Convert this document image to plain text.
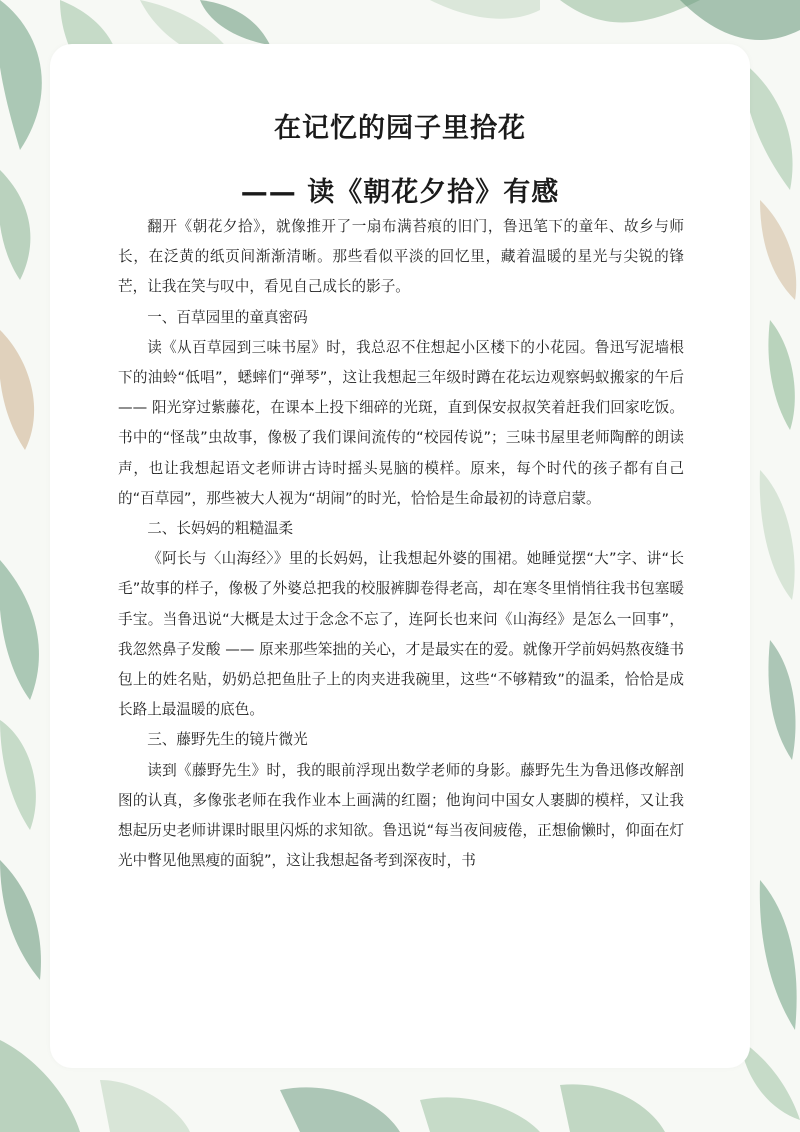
在记忆的园子里拾花
—— 读《朝花夕拾》有感

翻开《朝花夕拾》，就像推开了一扇布满苔痕的旧门，鲁迅笔下的童年、故乡与师长，在泛黄的纸页间渐渐清晰。那些看似平淡的回忆里，藏着温暖的星光与尖锐的锋芒，让我在笑与叹中，看见自己成长的影子。

一、百草园里的童真密码

读《从百草园到三味书屋》时，我总忍不住想起小区楼下的小花园。鲁迅写泥墙根下的油蛉“低唱”，蟋蟀们“弹琴”，这让我想起三年级时蹲在花坛边观察蚂蚁搬家的午后 —— 阳光穿过紫藤花，在课本上投下细碎的光斑，直到保安叔叔笑着赶我们回家吃饭。书中的“怪哉”虫故事，像极了我们课间流传的“校园传说”；三味书屋里老师陶醉的朗读声，也让我想起语文老师讲古诗时摇头晃脑的模样。原来，每个时代的孩子都有自己的“百草园”，那些被大人视为“胡闹”的时光，恰恰是生命最初的诗意启蒙。

二、长妈妈的粗糙温柔

《阿长与〈山海经〉》里的长妈妈，让我想起外婆的围裙。她睡觉摆“大”字、讲“长毛”故事的样子，像极了外婆总把我的校服裤脚卷得老高，却在寒冬里悄悄往我书包塞暖手宝。当鲁迅说“大概是太过于念念不忘了，连阿长也来问《山海经》是怎么一回事”，我忽然鼻子发酸 —— 原来那些笨拙的关心，才是最实在的爱。就像开学前妈妈熬夜缝书包上的姓名贴，奶奶总把鱼肚子上的肉夹进我碗里，这些“不够精致”的温柔，恰恰是成长路上最温暖的底色。

三、藤野先生的镜片微光

读到《藤野先生》时，我的眼前浮现出数学老师的身影。藤野先生为鲁迅修改解剖图的认真，多像张老师在我作业本上画满的红圈；他询问中国女人裹脚的模样，又让我想起历史老师讲课时眼里闪烁的求知欲。鲁迅说“每当夜间疲倦，正想偷懒时，仰面在灯光中瞥见他黑瘦的面貌”，这让我想起备考到深夜时，书
